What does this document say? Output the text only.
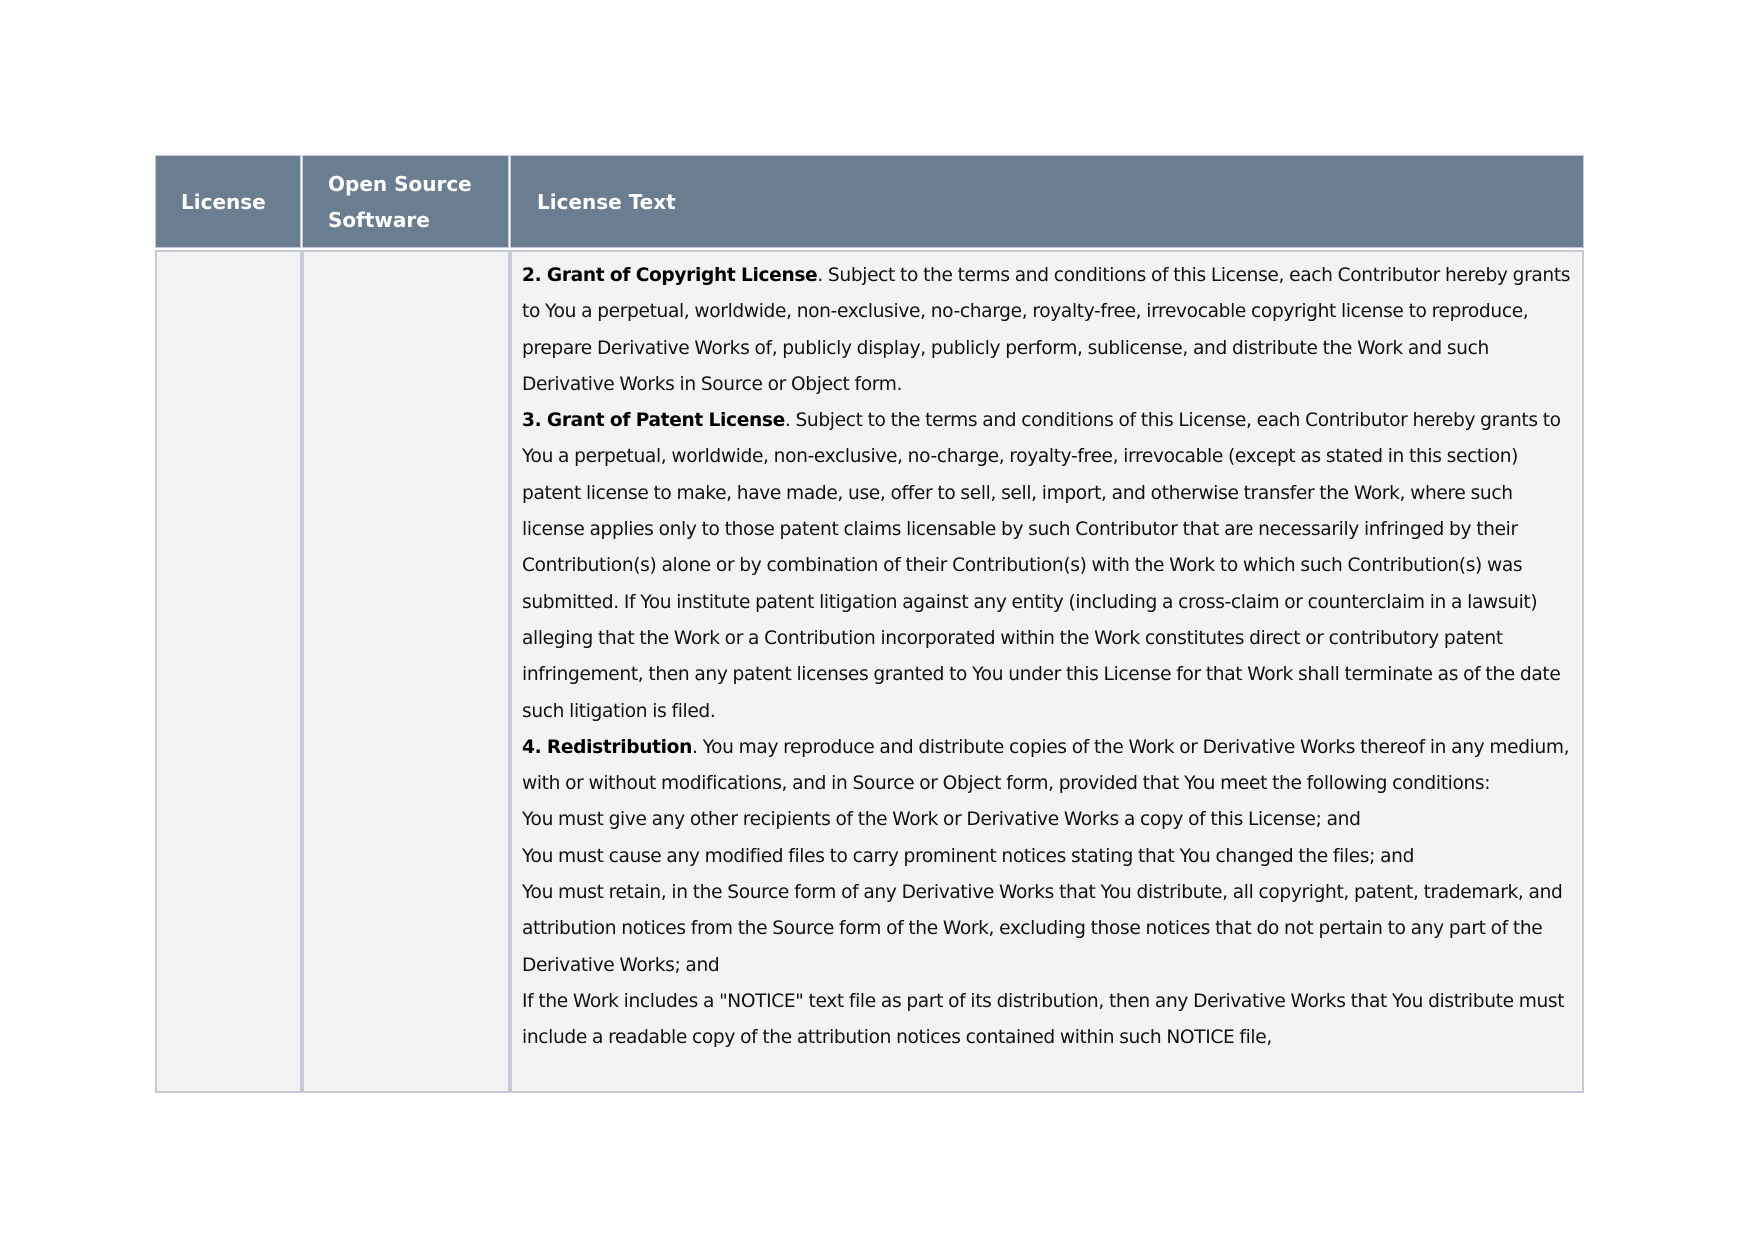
License
Open Source Software
License Text

2. Grant of Copyright License. Subject to the terms and conditions of this License, each Contributor hereby grants to You a perpetual, worldwide, non-exclusive, no-charge, royalty-free, irrevocable copyright license to reproduce, prepare Derivative Works of, publicly display, publicly perform, sublicense, and distribute the Work and such Derivative Works in Source or Object form.

3. Grant of Patent License. Subject to the terms and conditions of this License, each Contributor hereby grants to You a perpetual, worldwide, non-exclusive, no-charge, royalty-free, irrevocable (except as stated in this section) patent license to make, have made, use, offer to sell, sell, import, and otherwise transfer the Work, where such license applies only to those patent claims licensable by such Contributor that are necessarily infringed by their Contribution(s) alone or by combination of their Contribution(s) with the Work to which such Contribution(s) was submitted. If You institute patent litigation against any entity (including a cross-claim or counterclaim in a lawsuit) alleging that the Work or a Contribution incorporated within the Work constitutes direct or contributory patent infringement, then any patent licenses granted to You under this License for that Work shall terminate as of the date such litigation is filed.

4. Redistribution. You may reproduce and distribute copies of the Work or Derivative Works thereof in any medium, with or without modifications, and in Source or Object form, provided that You meet the following conditions:

You must give any other recipients of the Work or Derivative Works a copy of this License; and

You must cause any modified files to carry prominent notices stating that You changed the files; and

You must retain, in the Source form of any Derivative Works that You distribute, all copyright, patent, trademark, and attribution notices from the Source form of the Work, excluding those notices that do not pertain to any part of the Derivative Works; and

If the Work includes a "NOTICE" text file as part of its distribution, then any Derivative Works that You distribute must include a readable copy of the attribution notices contained within such NOTICE file,
